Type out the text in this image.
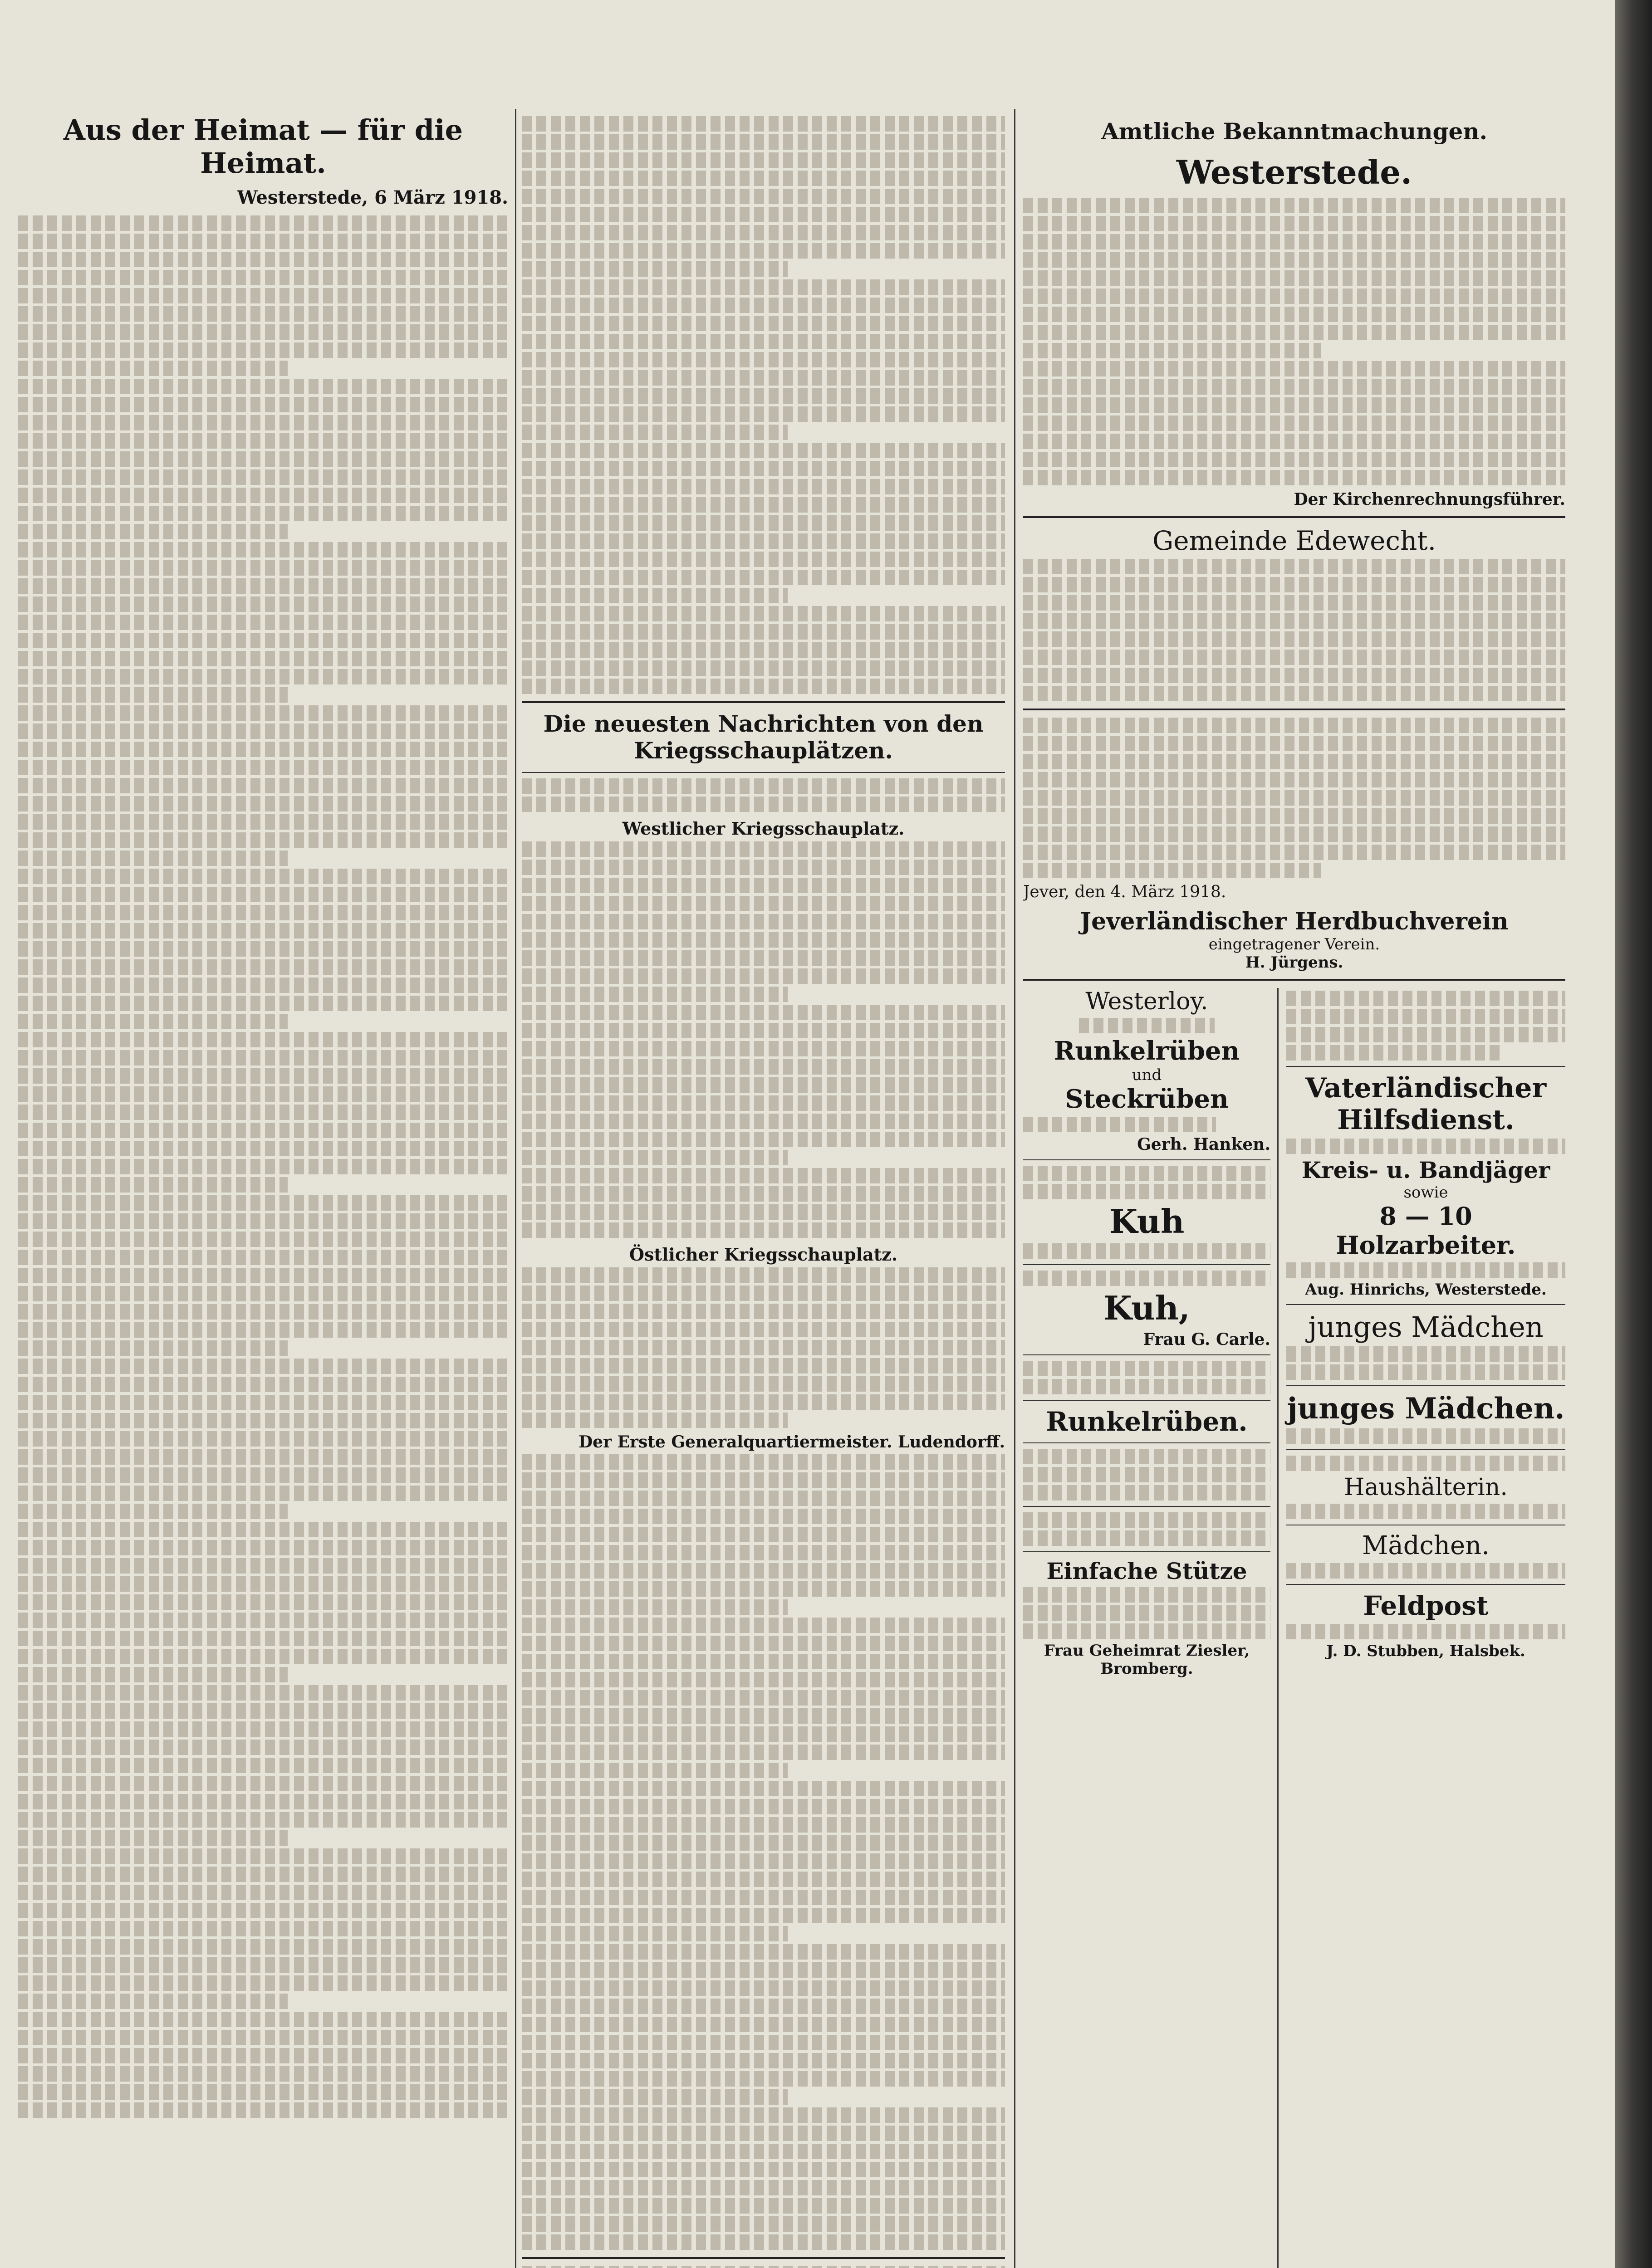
Aus der Heimat — für die Heimat.

Westerstede, 6 März 1918.

Die neuesten Nachrichten von den Kriegsschauplätzen.

Westlicher Kriegsschauplatz.

Östlicher Kriegsschauplatz.

Der Erste Generalquartiermeister. Ludendorff.

Amtliche Bekanntmachungen.

Westerstede.

Der Kirchenrechnungsführer.

Gemeinde Edewecht.

Jever, den 4. März 1918.

Jeverländischer Herdbuchverein

eingetragener Verein.

H. Jürgens.

Westerloy.

Runkelrüben

und

Steckrüben

Gerh. Hanken.

Kuh

Kuh,

Frau G. Carle.

Runkelrüben.

Einfache Stütze

Frau Geheimrat Ziesler,

Bromberg.

Vaterländischer

Hilfsdienst.

Kreis- u. Bandjäger

sowie

8 — 10 Holzarbeiter.

Aug. Hinrichs, Westerstede.

junges Mädchen

junges Mädchen.

Haushälterin.

Mädchen.

Feldpost

J. D. Stubben, Halsbek.
